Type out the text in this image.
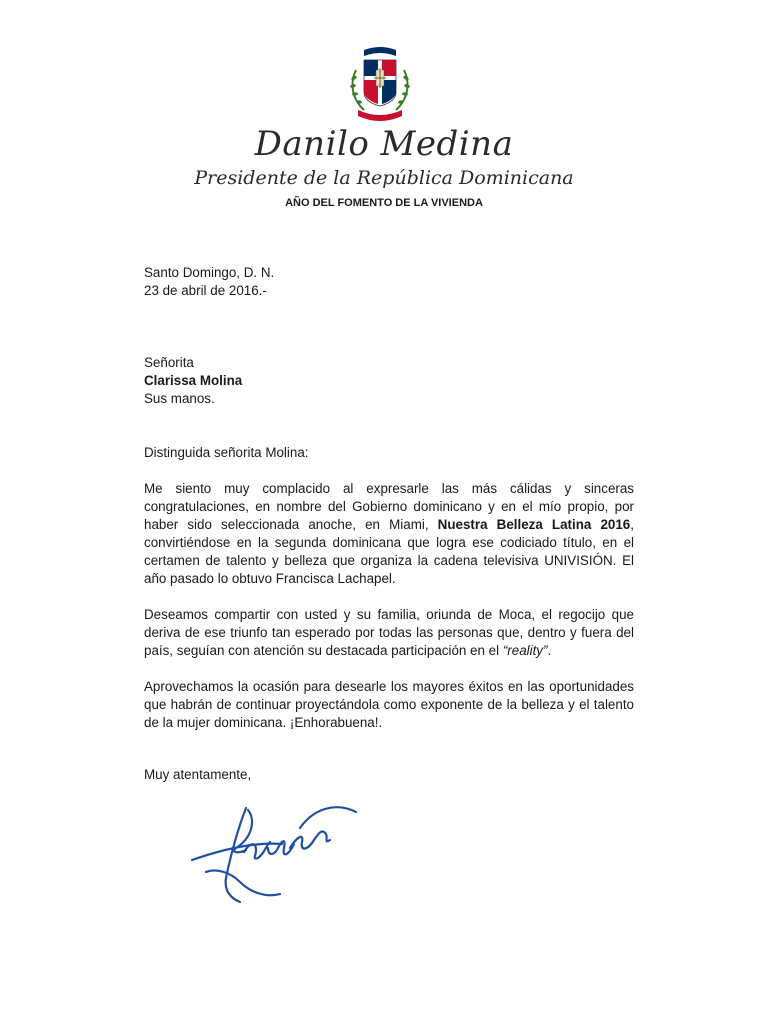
Danilo Medina
Presidente de la República Dominicana
AÑO DEL FOMENTO DE LA VIVIENDA
Santo Domingo, D. N.
23 de abril de 2016.-
Señorita
Clarissa Molina
Sus manos.
Distinguida señorita Molina:
Me siento muy complacido al expresarle las más cálidas y sinceras congratulaciones, en nombre del Gobierno dominicano y en el mío propio, por haber sido seleccionada anoche, en Miami, Nuestra Belleza Latina 2016, convirtiéndose en la segunda dominicana que logra ese codiciado título, en el certamen de talento y belleza que organiza la cadena televisiva UNIVISIÓN. El año pasado lo obtuvo Francisca Lachapel.
Deseamos compartir con usted y su familia, oriunda de Moca, el regocijo que deriva de ese triunfo tan esperado por todas las personas que, dentro y fuera del país, seguían con atención su destacada participación en el “reality”.
Aprovechamos la ocasión para desearle los mayores éxitos en las oportunidades que habrán de continuar proyectándola como exponente de la belleza y el talento de la mujer dominicana. ¡Enhorabuena!.
Muy atentamente,
